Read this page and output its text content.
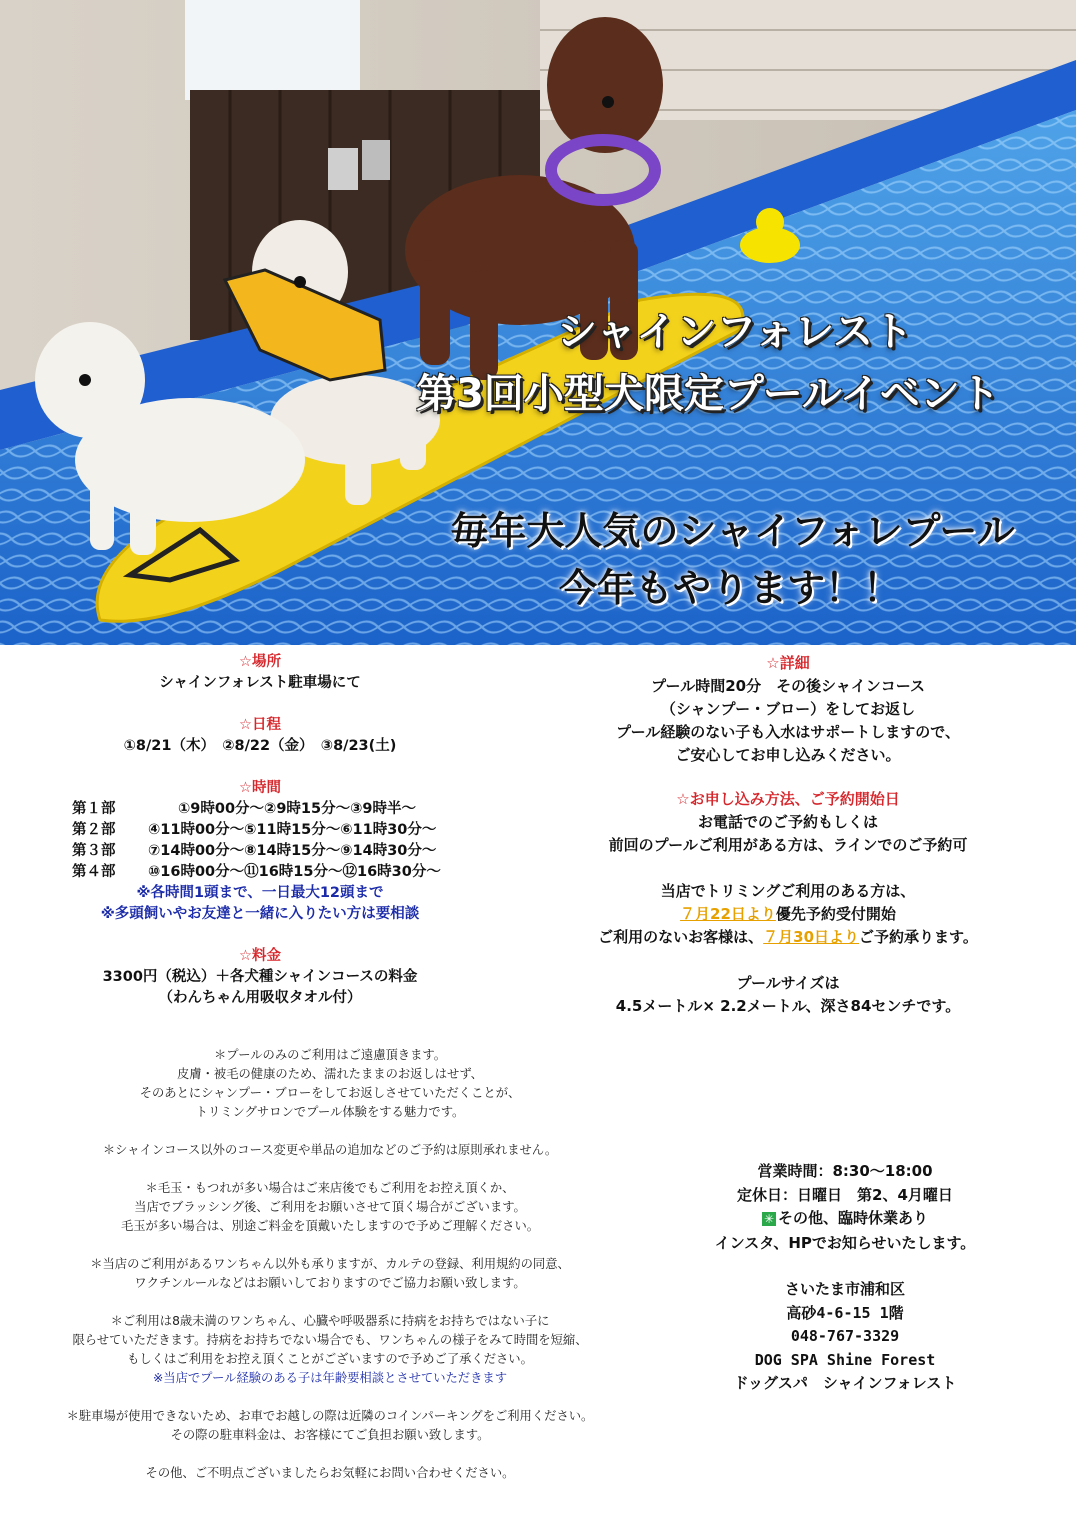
シャインフォレスト
第3回小型犬限定プールイベント
毎年大人気のシャイフォレプール
今年もやります！！

☆場所

シャインフォレスト駐車場にて

☆日程

①8/21（木）　②8/22（金）　③8/23(土)

☆時間

第１部	①9時00分〜②9時15分〜③9時半〜
第２部	④11時00分〜⑤11時15分〜⑥11時30分〜
第３部	⑦14時00分〜⑧14時15分〜⑨14時30分〜
第４部	⑩16時00分〜⑪16時15分〜⑫16時30分〜

※各時間1頭まで、一日最大12頭まで

※多頭飼いやお友達と一緒に入りたい方は要相談

☆料金

3300円（税込）＋各犬種シャインコースの料金

（わんちゃん用吸収タオル付）

☆詳細

プール時間20分　その後シャインコース

（シャンプー・ブロー）をしてお返し

プール経験のない子も入水はサポートしますので、

ご安心してお申し込みください。

☆お申し込み方法、ご予約開始日

お電話でのご予約もしくは

前回のプールご利用がある方は、ラインでのご予約可

当店でトリミングご利用のある方は、

７月22日より優先予約受付開始

ご利用のないお客様は、７月30日よりご予約承ります。

プールサイズは

4.5メートル× 2.2メートル、深さ84センチです。

＊プールのみのご利用はご遠慮頂きます。

皮膚・被毛の健康のため、濡れたままのお返しはせず、

そのあとにシャンプー・ブローをしてお返しさせていただくことが、

トリミングサロンでプール体験をする魅力です。

＊シャインコース以外のコース変更や単品の追加などのご予約は原則承れません。

＊毛玉・もつれが多い場合はご来店後でもご利用をお控え頂くか、

当店でブラッシング後、ご利用をお願いさせて頂く場合がございます。

毛玉が多い場合は、別途ご料金を頂戴いたしますので予めご理解ください。

＊当店のご利用があるワンちゃん以外も承りますが、カルテの登録、利用規約の同意、

ワクチンルールなどはお願いしておりますのでご協力お願い致します。

＊ご利用は8歳未満のワンちゃん、心臓や呼吸器系に持病をお持ちではない子に

限らせていただきます。持病をお持ちでない場合でも、ワンちゃんの様子をみて時間を短縮、

もしくはご利用をお控え頂くことがございますので予めご了承ください。

※当店でプール経験のある子は年齢要相談とさせていただきます

＊駐車場が使用できないため、お車でお越しの際は近隣のコインパーキングをご利用ください。

その際の駐車料金は、お客様にてご負担お願い致します。

その他、ご不明点ございましたらお気軽にお問い合わせください。

営業時間：8:30〜18:00

定休日：日曜日　第2、4月曜日

✳ その他、臨時休業あり

インスタ、HPでお知らせいたします。

さいたま市浦和区

高砂4-6-15 1階

048-767-3329

DOG SPA Shine Forest

ドッグスパ　シャインフォレスト
